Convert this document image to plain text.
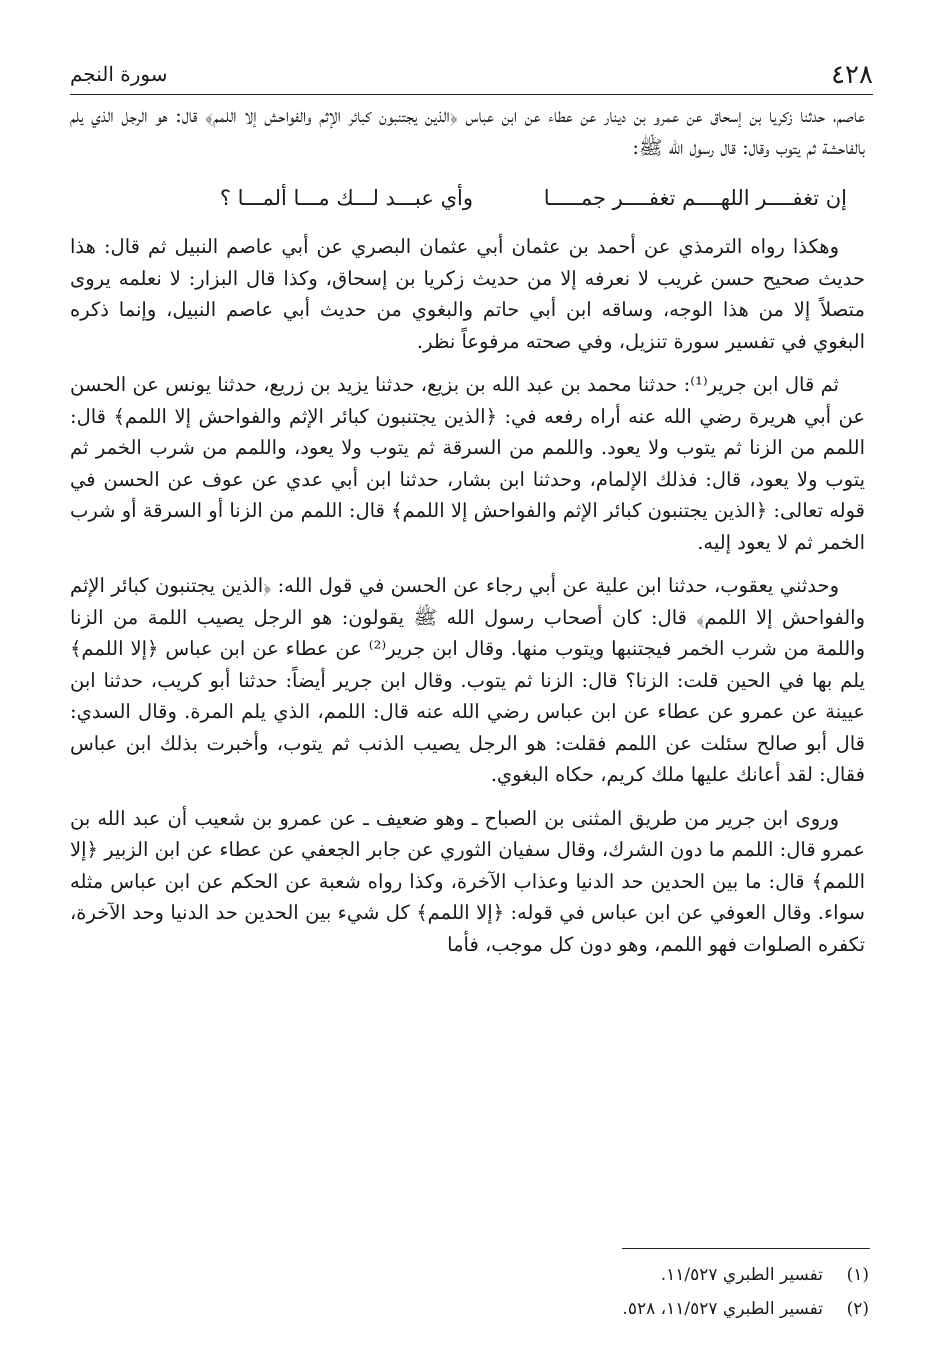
٤٢٨
سورة النجم

عاصم، حدثنا زكريا بن إسحاق عن عمرو بن دينار عن عطاء عن ابن عباس ﴿الذين يجتنبون كبائر الإثم والفواحش إلا اللمم﴾ قال: هو الرجل الذي يلم بالفاحشة ثم يتوب وقال: قال رسول الله ﷺ:

إن تغفــــر اللهــــم تغفــــر جمـــــا
وأي عبـــد لـــك مـــا ألمـــا ؟

وهكذا رواه الترمذي عن أحمد بن عثمان أبي عثمان البصري عن أبي عاصم النبيل ثم قال: هذا حديث صحيح حسن غريب لا نعرفه إلا من حديث زكريا بن إسحاق، وكذا قال البزار: لا نعلمه يروى متصلاً إلا من هذا الوجه، وساقه ابن أبي حاتم والبغوي من حديث أبي عاصم النبيل، وإنما ذكره البغوي في تفسير سورة تنزيل، وفي صحته مرفوعاً نظر.

ثم قال ابن جرير⁽¹⁾: حدثنا محمد بن عبد الله بن بزيع، حدثنا يزيد بن زريع، حدثنا يونس عن الحسن عن أبي هريرة رضي الله عنه أراه رفعه في: ﴿الذين يجتنبون كبائر الإثم والفواحش إلا اللمم﴾ قال: اللمم من الزنا ثم يتوب ولا يعود. واللمم من السرقة ثم يتوب ولا يعود، واللمم من شرب الخمر ثم يتوب ولا يعود، قال: فذلك الإلمام، وحدثنا ابن بشار، حدثنا ابن أبي عدي عن عوف عن الحسن في قوله تعالى: ﴿الذين يجتنبون كبائر الإثم والفواحش إلا اللمم﴾ قال: اللمم من الزنا أو السرقة أو شرب الخمر ثم لا يعود إليه.

وحدثني يعقوب، حدثنا ابن علية عن أبي رجاء عن الحسن في قول الله: ﴿الذين يجتنبون كبائر الإثم والفواحش إلا اللمم﴾ قال: كان أصحاب رسول الله ﷺ يقولون: هو الرجل يصيب اللمة من الزنا واللمة من شرب الخمر فيجتنبها ويتوب منها. وقال ابن جرير⁽²⁾ عن عطاء عن ابن عباس ﴿إلا اللمم﴾ يلم بها في الحين قلت: الزنا؟ قال: الزنا ثم يتوب. وقال ابن جرير أيضاً: حدثنا أبو كريب، حدثنا ابن عيينة عن عمرو عن عطاء عن ابن عباس رضي الله عنه قال: اللمم، الذي يلم المرة. وقال السدي: قال أبو صالح سئلت عن اللمم فقلت: هو الرجل يصيب الذنب ثم يتوب، وأخبرت بذلك ابن عباس فقال: لقد أعانك عليها ملك كريم، حكاه البغوي.

وروى ابن جرير من طريق المثنى بن الصباح ـ وهو ضعيف ـ عن عمرو بن شعيب أن عبد الله بن عمرو قال: اللمم ما دون الشرك، وقال سفيان الثوري عن جابر الجعفي عن عطاء عن ابن الزبير ﴿إلا اللمم﴾ قال: ما بين الحدين حد الدنيا وعذاب الآخرة، وكذا رواه شعبة عن الحكم عن ابن عباس مثله سواء. وقال العوفي عن ابن عباس في قوله: ﴿إلا اللمم﴾ كل شيء بين الحدين حد الدنيا وحد الآخرة، تكفره الصلوات فهو اللمم، وهو دون كل موجب، فأما

(١)تفسير الطبري ١١/٥٢٧.
(٢)تفسير الطبري ١١/٥٢٧، ٥٢٨.
